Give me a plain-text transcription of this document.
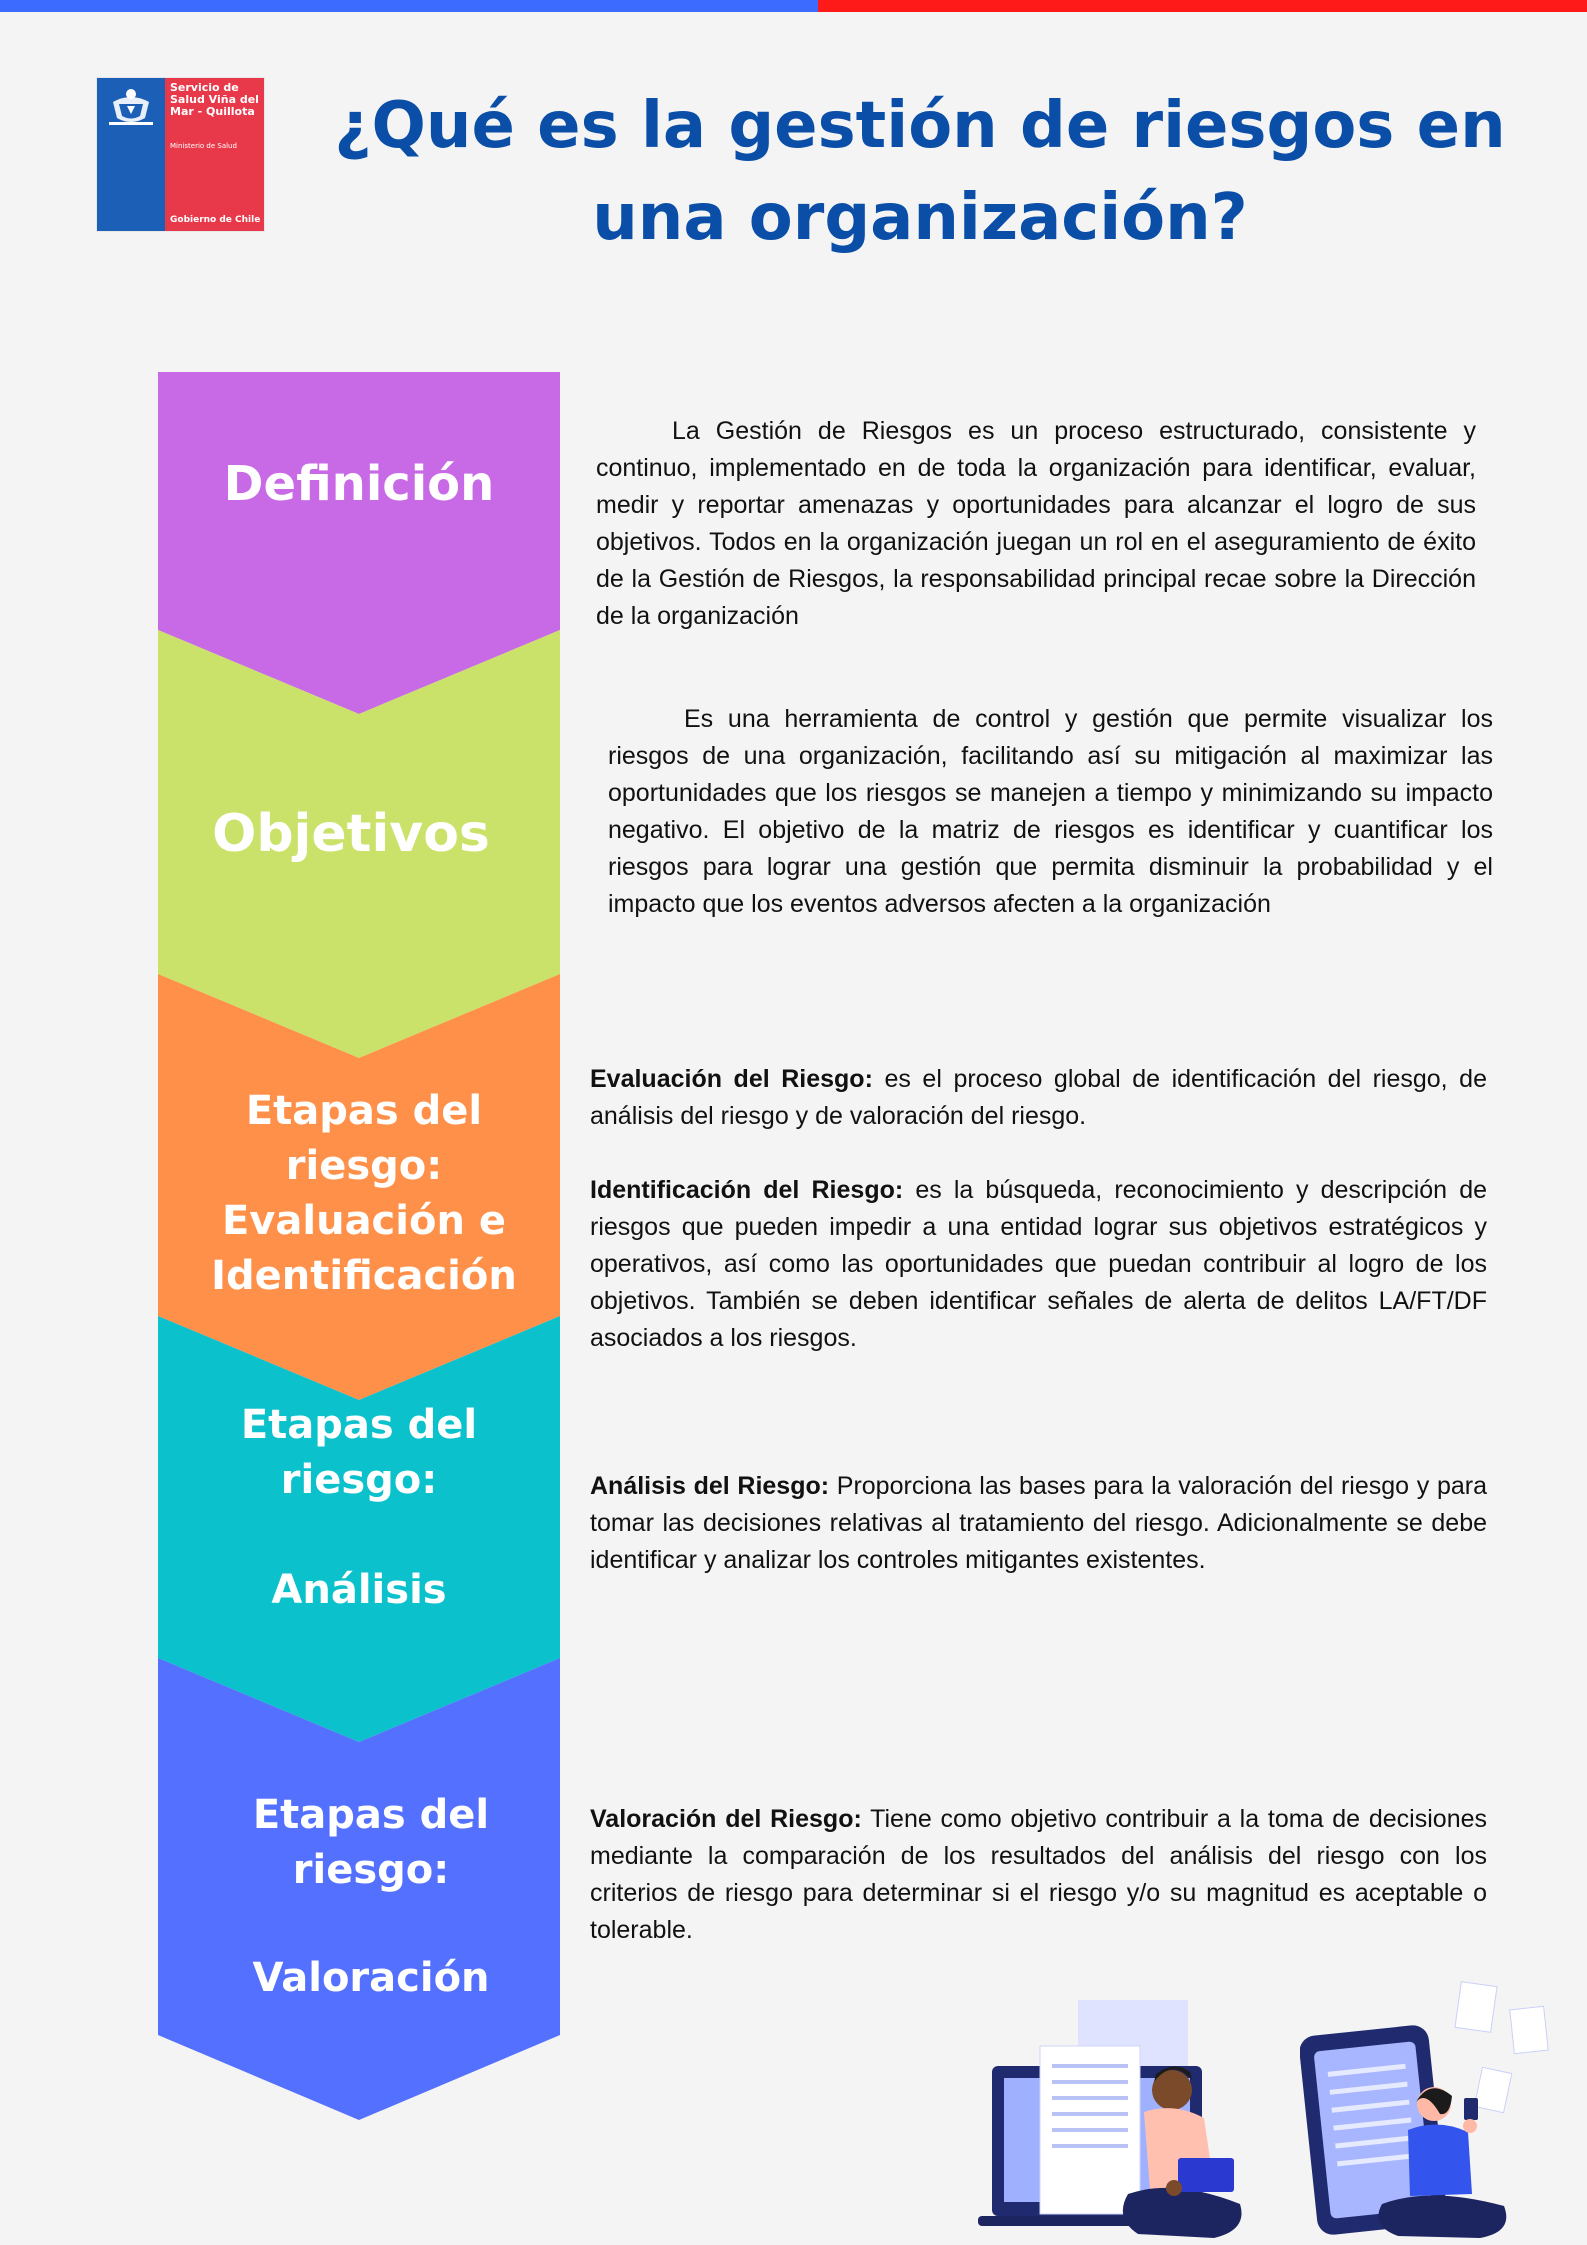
Servicio de Salud Viña del Mar - Quillota
Ministerio de Salud
Gobierno de Chile
¿Qué es la gestión de riesgos en una organización?
Definición
Objetivos
Etapas del
riesgo:
Evaluación e
Identificación
Etapas del
riesgo:
Análisis
Etapas del
riesgo:
Valoración
La Gestión de Riesgos es un proceso estructurado, consistente y continuo, implementado en de toda la organización para identificar, evaluar, medir y reportar amenazas y oportunidades para alcanzar el logro de sus objetivos. Todos en la organización juegan un rol en el aseguramiento de éxito de la Gestión de Riesgos, la responsabilidad principal recae sobre la Dirección de la organización
Es una herramienta de control y gestión que permite visualizar los riesgos de una organización, facilitando así su mitigación al maximizar las oportunidades que los riesgos se manejen a tiempo y minimizando su impacto negativo. El objetivo de la matriz de riesgos es identificar y cuantificar los riesgos para lograr una gestión que permita disminuir la probabilidad y el impacto que los eventos adversos afecten a la organización

Evaluación del Riesgo: es el proceso global de identificación del riesgo, de análisis del riesgo y de valoración del riesgo.

Identificación del Riesgo: es la búsqueda, reconocimiento y descripción de riesgos que pueden impedir a una entidad lograr sus objetivos estratégicos y operativos, así como las oportunidades que puedan contribuir al logro de los objetivos. También se deben identificar señales de alerta de delitos LA/FT/DF asociados a los riesgos.

Análisis del Riesgo: Proporciona las bases para la valoración del riesgo y para tomar las decisiones relativas al tratamiento del riesgo. Adicionalmente se debe identificar y analizar los controles mitigantes existentes.
Valoración del Riesgo: Tiene como objetivo contribuir a la toma de decisiones mediante la comparación de los resultados del análisis del riesgo con los criterios de riesgo para determinar si el riesgo y/o su magnitud es aceptable o tolerable.
